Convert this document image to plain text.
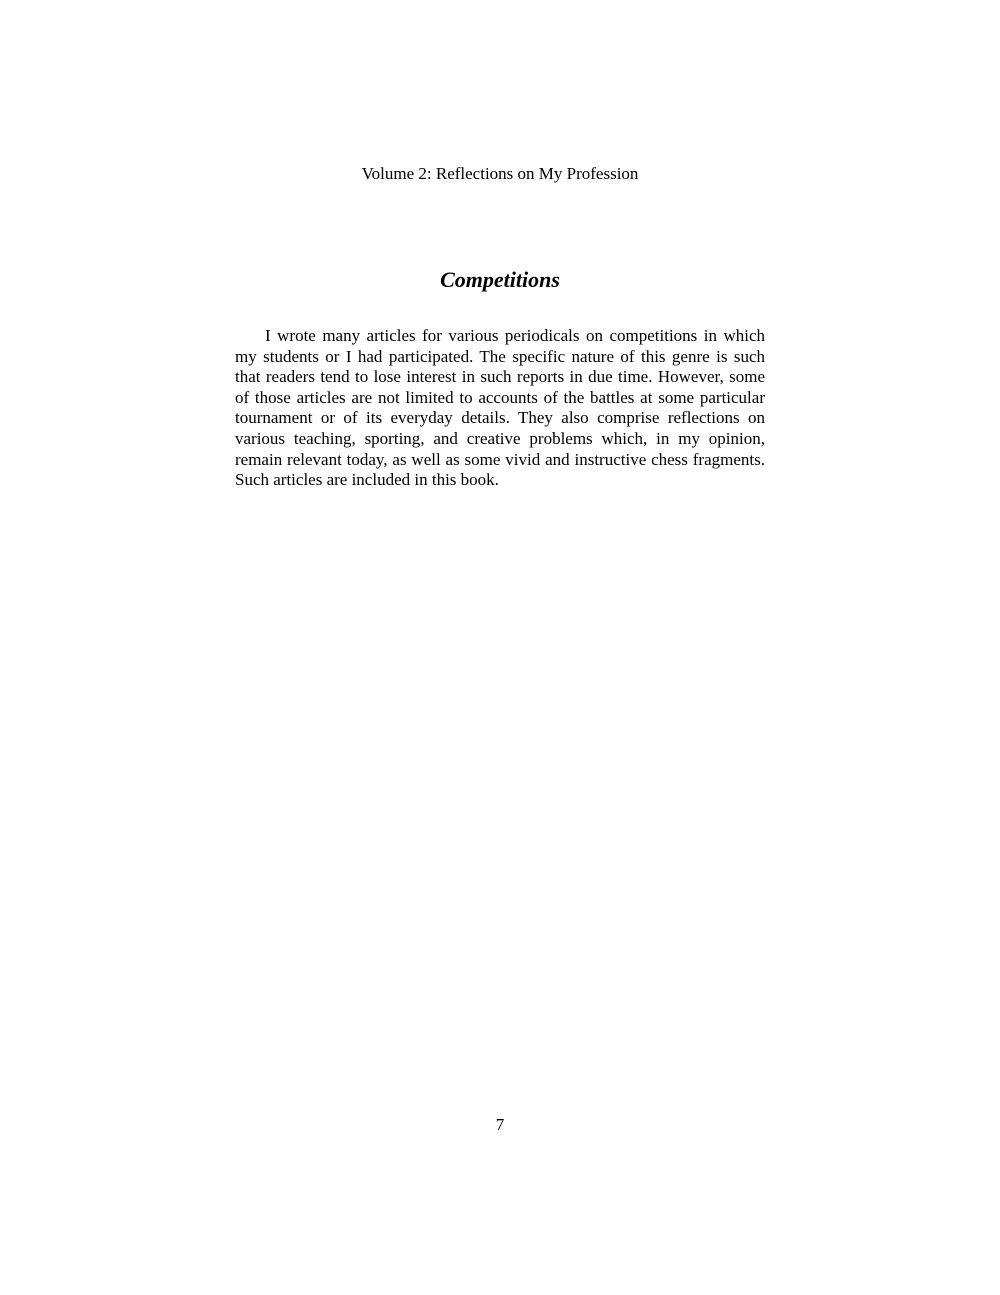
Volume 2: Reflections on My Profession
Competitions
I wrote many articles for various periodicals on competitions in which
my students or I had participated. The specific nature of this genre is such
that readers tend to lose interest in such reports in due time. However, some
of those articles are not limited to accounts of the battles at some particular
tournament or of its everyday details. They also comprise reflections on
various teaching, sporting, and creative problems which, in my opinion,
remain relevant today, as well as some vivid and instructive chess fragments.
Such articles are included in this book.
7
